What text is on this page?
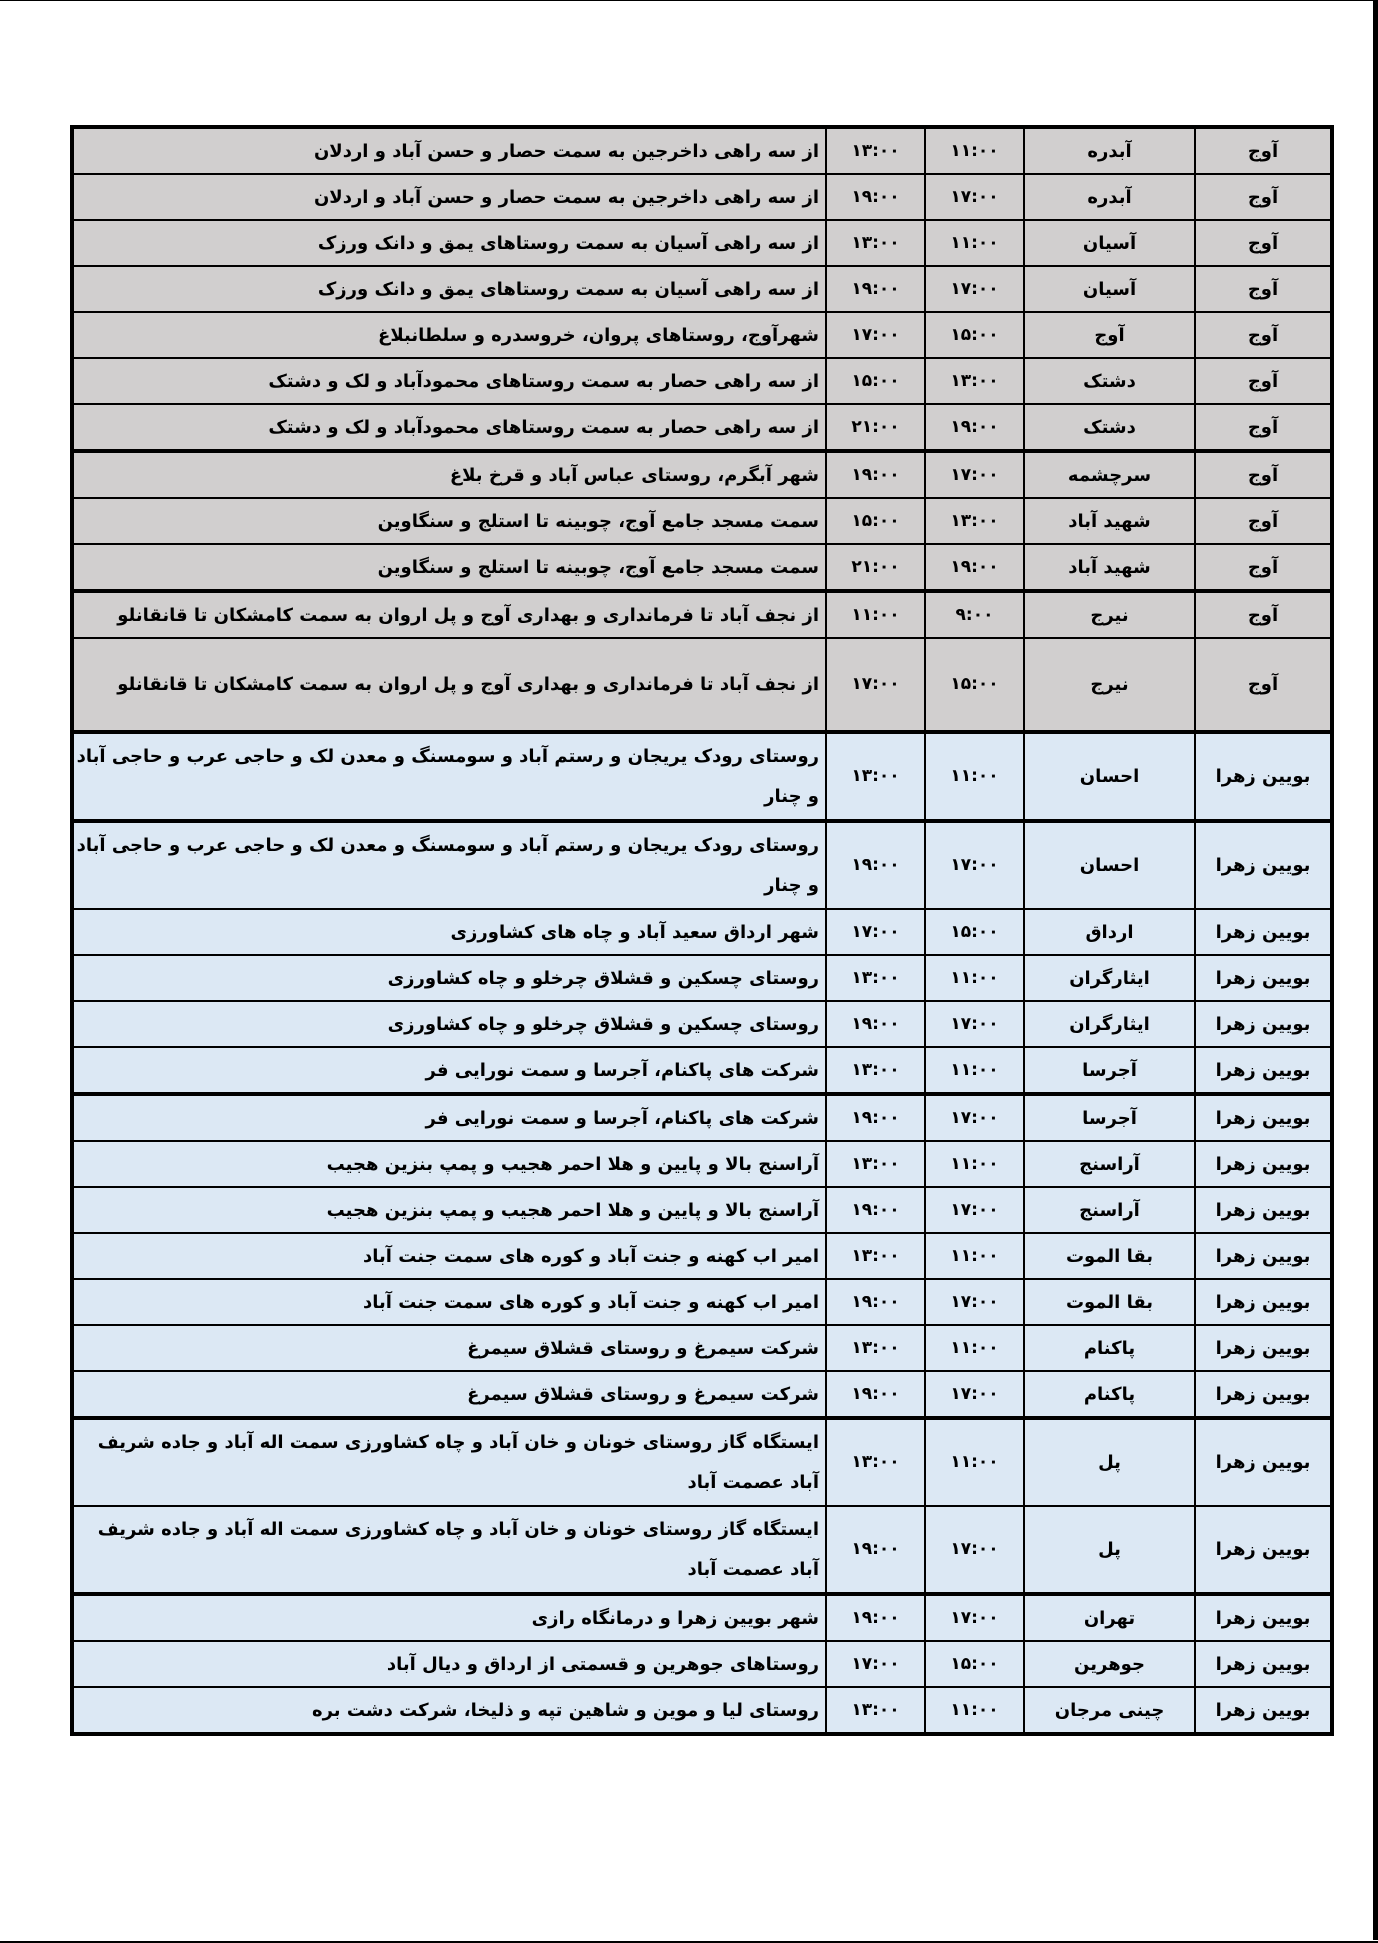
آوج	آبدره	۱۱:۰۰	۱۳:۰۰	از سه راهی داخرجین به سمت حصار و حسن آباد و اردلان
آوج	آبدره	۱۷:۰۰	۱۹:۰۰	از سه راهی داخرجین به سمت حصار و حسن آباد و اردلان
آوج	آسیان	۱۱:۰۰	۱۳:۰۰	از سه راهی آسیان به سمت روستاهای یمق و دانک ورزک
آوج	آسیان	۱۷:۰۰	۱۹:۰۰	از سه راهی آسیان به سمت روستاهای یمق و دانک ورزک
آوج	آوج	۱۵:۰۰	۱۷:۰۰	شهرآوج، روستاهای پروان، خروسدره و سلطانبلاغ
آوج	دشتک	۱۳:۰۰	۱۵:۰۰	از سه راهی حصار به سمت روستاهای محمودآباد و لک و دشتک
آوج	دشتک	۱۹:۰۰	۲۱:۰۰	از سه راهی حصار به سمت روستاهای محمودآباد و لک و دشتک
آوج	سرچشمه	۱۷:۰۰	۱۹:۰۰	شهر آبگرم، روستای عباس آباد و قرخ بلاغ
آوج	شهید آباد	۱۳:۰۰	۱۵:۰۰	سمت مسجد جامع آوج، چوبینه تا استلج و سنگاوین
آوج	شهید آباد	۱۹:۰۰	۲۱:۰۰	سمت مسجد جامع آوج، چوبینه تا استلج و سنگاوین
آوج	نیرج	۹:۰۰	۱۱:۰۰	از نجف آباد تا فرمانداری و بهداری آوج و پل اروان به سمت کامشکان تا قانقانلو
آوج	نیرج	۱۵:۰۰	۱۷:۰۰	از نجف آباد تا فرمانداری و بهداری آوج و پل اروان به سمت کامشکان تا قانقانلو
بویین زهرا	احسان	۱۱:۰۰	۱۳:۰۰	روستای رودک یریجان و رستم آباد و سومسنگ و معدن لک و حاجی عرب و حاجی آباد و چنار
بویین زهرا	احسان	۱۷:۰۰	۱۹:۰۰	روستای رودک یریجان و رستم آباد و سومسنگ و معدن لک و حاجی عرب و حاجی آباد و چنار
بویین زهرا	ارداق	۱۵:۰۰	۱۷:۰۰	شهر ارداق سعید آباد و چاه های کشاورزی
بویین زهرا	ایثارگران	۱۱:۰۰	۱۳:۰۰	روستای چسکین و قشلاق چرخلو و چاه کشاورزی
بویین زهرا	ایثارگران	۱۷:۰۰	۱۹:۰۰	روستای چسکین و قشلاق چرخلو و چاه کشاورزی
بویین زهرا	آجرسا	۱۱:۰۰	۱۳:۰۰	شرکت های پاکنام، آجرسا و سمت نورایی فر
بویین زهرا	آجرسا	۱۷:۰۰	۱۹:۰۰	شرکت های پاکنام، آجرسا و سمت نورایی فر
بویین زهرا	آراسنج	۱۱:۰۰	۱۳:۰۰	آراسنج بالا و پایین و هلا احمر هجیب و پمپ بنزین هجیب
بویین زهرا	آراسنج	۱۷:۰۰	۱۹:۰۰	آراسنج بالا و پایین و هلا احمر هجیب و پمپ بنزین هجیب
بویین زهرا	بقا الموت	۱۱:۰۰	۱۳:۰۰	امیر اب کهنه و جنت آباد و کوره های سمت جنت آباد
بویین زهرا	بقا الموت	۱۷:۰۰	۱۹:۰۰	امیر اب کهنه و جنت آباد و کوره های سمت جنت آباد
بویین زهرا	پاکنام	۱۱:۰۰	۱۳:۰۰	شرکت سیمرغ و روستای قشلاق سیمرغ
بویین زهرا	پاکنام	۱۷:۰۰	۱۹:۰۰	شرکت سیمرغ و روستای قشلاق سیمرغ
بویین زهرا	پل	۱۱:۰۰	۱۳:۰۰	ایستگاه گاز روستای خونان و خان آباد و چاه کشاورزی سمت اله آباد و جاده شریف آباد عصمت آباد
بویین زهرا	پل	۱۷:۰۰	۱۹:۰۰	ایستگاه گاز روستای خونان و خان آباد و چاه کشاورزی سمت اله آباد و جاده شریف آباد عصمت آباد
بویین زهرا	تهران	۱۷:۰۰	۱۹:۰۰	شهر بویین زهرا و درمانگاه رازی
بویین زهرا	جوهرین	۱۵:۰۰	۱۷:۰۰	روستاهای جوهرین و قسمتی از ارداق و دیال آباد
بویین زهرا	چینی مرجان	۱۱:۰۰	۱۳:۰۰	روستای لیا و موین و شاهین تپه و ذلیخا، شرکت دشت بره
